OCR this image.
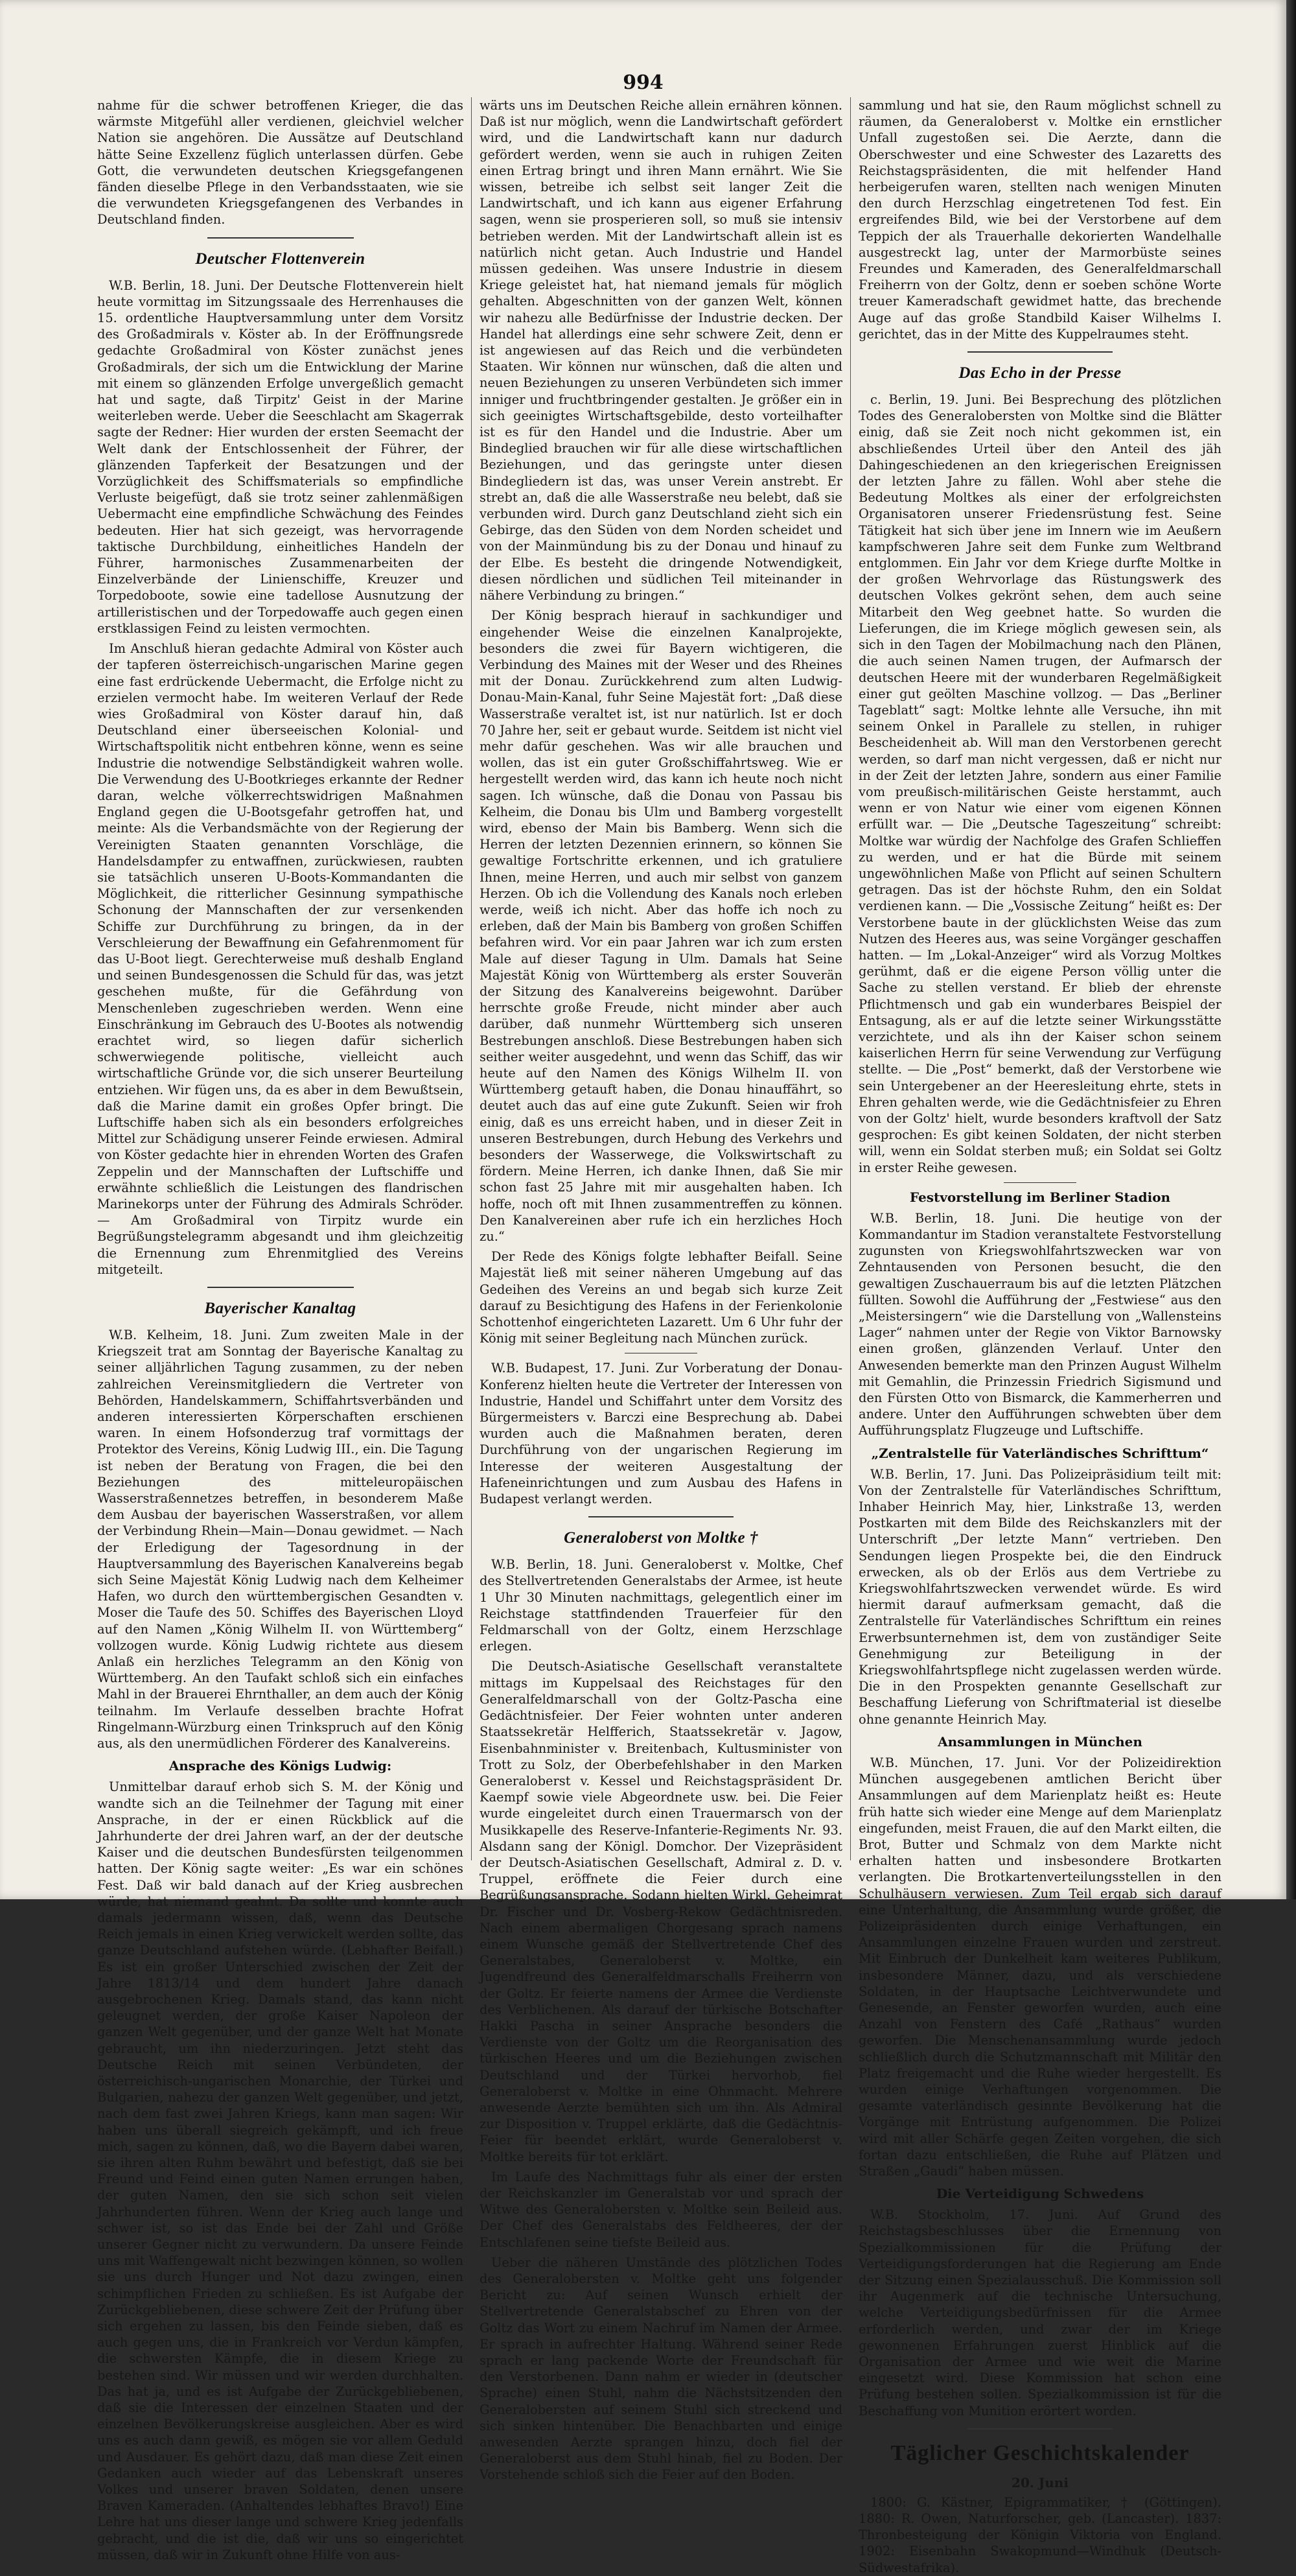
994

nahme für die schwer betroffenen Krieger, die das wärmste Mitgefühl aller verdienen, gleichviel welcher Nation sie angehören. Die Aussätze auf Deutschland hätte Seine Exzellenz füglich unterlassen dürfen. Gebe Gott, die verwundeten deutschen Kriegsgefangenen fänden dieselbe Pflege in den Verbandsstaaten, wie sie die verwundeten Kriegsgefangenen des Verbandes in Deutschland finden.

Deutscher Flottenverein

W.B. Berlin, 18. Juni. Der Deutsche Flottenverein hielt heute vormittag im Sitzungssaale des Herrenhauses die 15. ordentliche Hauptversammlung unter dem Vorsitz des Großadmirals v. Köster ab. In der Eröffnungsrede gedachte Großadmiral von Köster zunächst jenes Großadmirals, der sich um die Entwicklung der Marine mit einem so glänzenden Erfolge unvergeßlich gemacht hat und sagte, daß Tirpitz' Geist in der Marine weiterleben werde. Ueber die Seeschlacht am Skagerrak sagte der Redner: Hier wurden der ersten Seemacht der Welt dank der Entschlossenheit der Führer, der glänzenden Tapferkeit der Besatzungen und der Vorzüglichkeit des Schiffsmaterials so empfindliche Verluste beigefügt, daß sie trotz seiner zahlenmäßigen Uebermacht eine empfindliche Schwächung des Feindes bedeuten. Hier hat sich gezeigt, was hervorragende taktische Durchbildung, einheitliches Handeln der Führer, harmonisches Zusammenarbeiten der Einzelverbände der Linienschiffe, Kreuzer und Torpedoboote, sowie eine tadellose Ausnutzung der artilleristischen und der Torpedowaffe auch gegen einen erstklassigen Feind zu leisten vermochten.

Im Anschluß hieran gedachte Admiral von Köster auch der tapferen österreichisch-ungarischen Marine gegen eine fast erdrückende Uebermacht, die Erfolge nicht zu erzielen vermocht habe. Im weiteren Verlauf der Rede wies Großadmiral von Köster darauf hin, daß Deutschland einer überseeischen Kolonial- und Wirtschaftspolitik nicht entbehren könne, wenn es seine Industrie die notwendige Selbständigkeit wahren wolle. Die Verwendung des U-Bootkrieges erkannte der Redner daran, welche völkerrechtswidrigen Maßnahmen England gegen die U-Bootsgefahr getroffen hat, und meinte: Als die Verbandsmächte von der Regierung der Vereinigten Staaten genannten Vorschläge, die Handelsdampfer zu entwaffnen, zurückwiesen, raubten sie tatsächlich unseren U-Boots-Kommandanten die Möglichkeit, die ritterlicher Gesinnung sympathische Schonung der Mannschaften der zur versenkenden Schiffe zur Durchführung zu bringen, da in der Verschleierung der Bewaffnung ein Gefahrenmoment für das U-Boot liegt. Gerechterweise muß deshalb England und seinen Bundesgenossen die Schuld für das, was jetzt geschehen mußte, für die Gefährdung von Menschenleben zugeschrieben werden. Wenn eine Einschränkung im Gebrauch des U-Bootes als notwendig erachtet wird, so liegen dafür sicherlich schwerwiegende politische, vielleicht auch wirtschaftliche Gründe vor, die sich unserer Beurteilung entziehen. Wir fügen uns, da es aber in dem Bewußtsein, daß die Marine damit ein großes Opfer bringt. Die Luftschiffe haben sich als ein besonders erfolgreiches Mittel zur Schädigung unserer Feinde erwiesen. Admiral von Köster gedachte hier in ehrenden Worten des Grafen Zeppelin und der Mannschaften der Luftschiffe und erwähnte schließlich die Leistungen des flandrischen Marinekorps unter der Führung des Admirals Schröder. — Am Großadmiral von Tirpitz wurde ein Begrüßungstelegramm abgesandt und ihm gleichzeitig die Ernennung zum Ehrenmitglied des Vereins mitgeteilt.

Bayerischer Kanaltag

W.B. Kelheim, 18. Juni. Zum zweiten Male in der Kriegszeit trat am Sonntag der Bayerische Kanaltag zu seiner alljährlichen Tagung zusammen, zu der neben zahlreichen Vereinsmitgliedern die Vertreter von Behörden, Handelskammern, Schiffahrtsverbänden und anderen interessierten Körperschaften erschienen waren. In einem Hofsonderzug traf vormittags der Protektor des Vereins, König Ludwig III., ein. Die Tagung ist neben der Beratung von Fragen, die bei den Beziehungen des mitteleuropäischen Wasserstraßennetzes betreffen, in besonderem Maße dem Ausbau der bayerischen Wasserstraßen, vor allem der Verbindung Rhein—Main—Donau gewidmet. — Nach der Erledigung der Tagesordnung in der Hauptversammlung des Bayerischen Kanalvereins begab sich Seine Majestät König Ludwig nach dem Kelheimer Hafen, wo durch den württembergischen Gesandten v. Moser die Taufe des 50. Schiffes des Bayerischen Lloyd auf den Namen „König Wilhelm II. von Württemberg“ vollzogen wurde. König Ludwig richtete aus diesem Anlaß ein herzliches Telegramm an den König von Württemberg. An den Taufakt schloß sich ein einfaches Mahl in der Brauerei Ehrnthaller, an dem auch der König teilnahm. Im Verlaufe desselben brachte Hofrat Ringelmann-Würzburg einen Trinkspruch auf den König aus, als den unermüdlichen Förderer des Kanalvereins.

Ansprache des Königs Ludwig:

Unmittelbar darauf erhob sich S. M. der König und wandte sich an die Teilnehmer der Tagung mit einer Ansprache, in der er einen Rückblick auf die Jahrhunderte der drei Jahren warf, an der der deutsche Kaiser und die deutschen Bundesfürsten teilgenommen hatten. Der König sagte weiter: „Es war ein schönes Fest. Daß wir bald danach auf der Krieg ausbrechen würde, hat niemand geahnt. Da sollte und konnte auch damals jedermann wissen, daß, wenn das Deutsche Reich jemals in einen Krieg verwickelt werden sollte, das ganze Deutschland aufstehen würde. (Lebhafter Beifall.) Es ist ein großer Unterschied zwischen der Zeit der Jahre 1813/14 und dem hundert Jahre danach ausgebrochenen Krieg. Damals stand, das kann nicht geleugnet werden, der große Kaiser Napoleon der ganzen Welt gegenüber, und der ganze Welt hat Monate gebraucht, um ihn niederzuringen. Jetzt steht das Deutsche Reich mit seinen Verbündeten, der österreichisch-ungarischen Monarchie, der Türkei und Bulgarien, nahezu der ganzen Welt gegenüber, und jetzt, nach dem fast zwei Jahren Kriegs, kann man sagen: Wir haben uns überall siegreich gekämpft, und ich freue mich, sagen zu können, daß, wo die Bayern dabei waren, sie ihren alten Ruhm bewährt und befestigt, daß sie bei Freund und Feind einen guten Namen errungen haben, der guten Namen, den sie sich schon seit vielen Jahrhunderten führen. Wenn der Krieg auch lange und schwer ist, so ist das Ende bei der Zahl und Größe unserer Gegner nicht zu verwundern. Da unsere Feinde uns mit Waffengewalt nicht bezwingen können, so wollen sie uns durch Hunger und Not dazu zwingen, einen schimpflichen Frieden zu schließen. Es ist Aufgabe der Zurückgebliebenen, diese schwere Zeit der Prüfung über sich ergehen zu lassen, bis den Feinde sieben, daß es auch gegen uns, die in Frankreich vor Verdun kämpfen, die schwersten Kämpfe, die in diesem Kriege zu bestehen sind. Wir müssen und wir werden durchhalten. Das hat ja, und es ist Aufgabe der Zurückgebliebenen, daß sie die Interessen der einzelnen Staaten und der einzelnen Bevölkerungskreise ausgleichen. Aber es wird uns es auch dann gewiß, es mögen sie vor allem Geduld und Ausdauer. Es gehört dazu, daß man diese Zeit einen Gedanken auch wieder auf das Lebenskraft unseres Volkes und unserer braven Soldaten, denen unsere Braven Kameraden. (Anhaltendes lebhaftes Bravo!) Eine Lehre hat uns dieser lange und schwere Krieg jedenfalls gebracht, und die ist die, daß wir uns so eingerichtet müssen, daß wir in Zukunft ohne Hilfe von aus-

wärts uns im Deutschen Reiche allein ernähren können. Daß ist nur möglich, wenn die Landwirtschaft gefördert wird, und die Landwirtschaft kann nur dadurch gefördert werden, wenn sie auch in ruhigen Zeiten einen Ertrag bringt und ihren Mann ernährt. Wie Sie wissen, betreibe ich selbst seit langer Zeit die Landwirtschaft, und ich kann aus eigener Erfahrung sagen, wenn sie prosperieren soll, so muß sie intensiv betrieben werden. Mit der Landwirtschaft allein ist es natürlich nicht getan. Auch Industrie und Handel müssen gedeihen. Was unsere Industrie in diesem Kriege geleistet hat, hat niemand jemals für möglich gehalten. Abgeschnitten von der ganzen Welt, können wir nahezu alle Bedürfnisse der Industrie decken. Der Handel hat allerdings eine sehr schwere Zeit, denn er ist angewiesen auf das Reich und die verbündeten Staaten. Wir können nur wünschen, daß die alten und neuen Beziehungen zu unseren Verbündeten sich immer inniger und fruchtbringender gestalten. Je größer ein in sich geeinigtes Wirtschaftsgebilde, desto vorteilhafter ist es für den Handel und die Industrie. Aber um Bindeglied brauchen wir für alle diese wirtschaftlichen Beziehungen, und das geringste unter diesen Bindegliedern ist das, was unser Verein anstrebt. Er strebt an, daß die alle Wasserstraße neu belebt, daß sie verbunden wird. Durch ganz Deutschland zieht sich ein Gebirge, das den Süden von dem Norden scheidet und von der Mainmündung bis zu der Donau und hinauf zu der Elbe. Es besteht die dringende Notwendigkeit, diesen nördlichen und südlichen Teil miteinander in nähere Verbindung zu bringen.“

Der König besprach hierauf in sachkundiger und eingehender Weise die einzelnen Kanalprojekte, besonders die zwei für Bayern wichtigeren, die Verbindung des Maines mit der Weser und des Rheines mit der Donau. Zurückkehrend zum alten Ludwig-Donau-Main-Kanal, fuhr Seine Majestät fort: „Daß diese Wasserstraße veraltet ist, ist nur natürlich. Ist er doch 70 Jahre her, seit er gebaut wurde. Seitdem ist nicht viel mehr dafür geschehen. Was wir alle brauchen und wollen, das ist ein guter Großschiffahrtsweg. Wie er hergestellt werden wird, das kann ich heute noch nicht sagen. Ich wünsche, daß die Donau von Passau bis Kelheim, die Donau bis Ulm und Bamberg vorgestellt wird, ebenso der Main bis Bamberg. Wenn sich die Herren der letzten Dezennien erinnern, so können Sie gewaltige Fortschritte erkennen, und ich gratuliere Ihnen, meine Herren, und auch mir selbst von ganzem Herzen. Ob ich die Vollendung des Kanals noch erleben werde, weiß ich nicht. Aber das hoffe ich noch zu erleben, daß der Main bis Bamberg von großen Schiffen befahren wird. Vor ein paar Jahren war ich zum ersten Male auf dieser Tagung in Ulm. Damals hat Seine Majestät König von Württemberg als erster Souverän der Sitzung des Kanalvereins beigewohnt. Darüber herrschte große Freude, nicht minder aber auch darüber, daß nunmehr Württemberg sich unseren Bestrebungen anschloß. Diese Bestrebungen haben sich seither weiter ausgedehnt, und wenn das Schiff, das wir heute auf den Namen des Königs Wilhelm II. von Württemberg getauft haben, die Donau hinauffährt, so deutet auch das auf eine gute Zukunft. Seien wir froh einig, daß es uns erreicht haben, und in dieser Zeit in unseren Bestrebungen, durch Hebung des Verkehrs und besonders der Wasserwege, die Volkswirtschaft zu fördern. Meine Herren, ich danke Ihnen, daß Sie mir schon fast 25 Jahre mit mir ausgehalten haben. Ich hoffe, noch oft mit Ihnen zusammentreffen zu können. Den Kanalvereinen aber rufe ich ein herzliches Hoch zu.“

Der Rede des Königs folgte lebhafter Beifall. Seine Majestät ließ mit seiner näheren Umgebung auf das Gedeihen des Vereins an und begab sich kurze Zeit darauf zu Besichtigung des Hafens in der Ferienkolonie Schottenhof eingerichteten Lazarett. Um 6 Uhr fuhr der König mit seiner Begleitung nach München zurück.

W.B. Budapest, 17. Juni. Zur Vorberatung der Donau-Konferenz hielten heute die Vertreter der Interessen von Industrie, Handel und Schiffahrt unter dem Vorsitz des Bürgermeisters v. Barczi eine Besprechung ab. Dabei wurden auch die Maßnahmen beraten, deren Durchführung von der ungarischen Regierung im Interesse der weiteren Ausgestaltung der Hafeneinrichtungen und zum Ausbau des Hafens in Budapest verlangt werden.

Generaloberst von Moltke †

W.B. Berlin, 18. Juni. Generaloberst v. Moltke, Chef des Stellvertretenden Generalstabs der Armee, ist heute 1 Uhr 30 Minuten nachmittags, gelegentlich einer im Reichstage stattfindenden Trauerfeier für den Feldmarschall von der Goltz, einem Herzschlage erlegen.

Die Deutsch-Asiatische Gesellschaft veranstaltete mittags im Kuppelsaal des Reichstages für den Generalfeldmarschall von der Goltz-Pascha eine Gedächtnisfeier. Der Feier wohnten unter anderen Staatssekretär Helfferich, Staatssekretär v. Jagow, Eisenbahnminister v. Breitenbach, Kultusminister von Trott zu Solz, der Oberbefehlshaber in den Marken Generaloberst v. Kessel und Reichstagspräsident Dr. Kaempf sowie viele Abgeordnete usw. bei. Die Feier wurde eingeleitet durch einen Trauermarsch von der Musikkapelle des Reserve-Infanterie-Regiments Nr. 93. Alsdann sang der Königl. Domchor. Der Vizepräsident der Deutsch-Asiatischen Gesellschaft, Admiral z. D. v. Truppel, eröffnete die Feier durch eine Begrüßungsansprache. Sodann hielten Wirkl. Geheimrat Dr. Fischer und Dr. Vosberg-Rekow Gedächtnisreden. Nach einem abermaligen Chorgesang sprach namens einem Wunsche gemäß der Stellvertretende Chef des Generalstabes, Generaloberst v. Moltke, ein Jugendfreund des Generalfeldmarschalls Freiherrn von der Goltz. Er feierte namens der Armee die Verdienste des Verblichenen. Als darauf der türkische Botschafter Hakki Pascha in seiner Ansprache besonders die Verdienste von der Goltz um die Reorganisation des türkischen Heeres und um die Beziehungen zwischen Deutschland und der Türkei hervorhob, fiel Generaloberst v. Moltke in eine Ohnmacht. Mehrere anwesende Aerzte bemühten sich um ihn. Als Admiral zur Disposition v. Truppel erklärte, daß die Gedächtnis-Feier für beendet erklärt, wurde Generaloberst v. Moltke bereits für tot erklärt.

Im Laufe des Nachmittags fuhr als einer der ersten der Reichskanzler im Generalstab vor und sprach der Witwe des Generalobersten v. Moltke sein Beileid aus. Der Chef des Generalstabs des Feldheeres, der der Entschlafenen seine tiefste Beileid aus.

Ueber die näheren Umstände des plötzlichen Todes des Generalobersten v. Moltke geht uns folgender Bericht zu: Auf seinen Wunsch erhielt der Stellvertretende Generalstabschef zu Ehren von der Goltz das Wort zu einem Nachruf im Namen der Armee. Er sprach in aufrechter Haltung. Während seiner Rede sprach er lang packende Worte der Freundschaft für den Verstorbenen. Dann nahm er wieder in (deutscher Sprache) einen Stuhl, nahm die Nächstsitzenden den Generalobersten auf seinem Stuhl sich streckend und sich sinken hintenüber. Die Benachbarten und einige anwesenden Aerzte sprangen hinzu, doch fiel der Generaloberst aus dem Stuhl hinab, fiel zu Boden. Der Vorstehende schloß sich die Feier auf den Boden.

sammlung und hat sie, den Raum möglichst schnell zu räumen, da Generaloberst v. Moltke ein ernstlicher Unfall zugestoßen sei. Die Aerzte, dann die Oberschwester und eine Schwester des Lazaretts des Reichstagspräsidenten, die mit helfender Hand herbeigerufen waren, stellten nach wenigen Minuten den durch Herzschlag eingetretenen Tod fest. Ein ergreifendes Bild, wie bei der Verstorbene auf dem Teppich der als Trauerhalle dekorierten Wandelhalle ausgestreckt lag, unter der Marmorbüste seines Freundes und Kameraden, des Generalfeldmarschall Freiherrn von der Goltz, denn er soeben schöne Worte treuer Kameradschaft gewidmet hatte, das brechende Auge auf das große Standbild Kaiser Wilhelms I. gerichtet, das in der Mitte des Kuppelraumes steht.

Das Echo in der Presse

c. Berlin, 19. Juni. Bei Besprechung des plötzlichen Todes des Generalobersten von Moltke sind die Blätter einig, daß sie Zeit noch nicht gekommen ist, ein abschließendes Urteil über den Anteil des jäh Dahingeschiedenen an den kriegerischen Ereignissen der letzten Jahre zu fällen. Wohl aber stehe die Bedeutung Moltkes als einer der erfolgreichsten Organisatoren unserer Friedensrüstung fest. Seine Tätigkeit hat sich über jene im Innern wie im Aeußern kampfschweren Jahre seit dem Funke zum Weltbrand entglommen. Ein Jahr vor dem Kriege durfte Moltke in der großen Wehrvorlage das Rüstungswerk des deutschen Volkes gekrönt sehen, dem auch seine Mitarbeit den Weg geebnet hatte. So wurden die Lieferungen, die im Kriege möglich gewesen sein, als sich in den Tagen der Mobilmachung nach den Plänen, die auch seinen Namen trugen, der Aufmarsch der deutschen Heere mit der wunderbaren Regelmäßigkeit einer gut geölten Maschine vollzog. — Das „Berliner Tageblatt“ sagt: Moltke lehnte alle Versuche, ihn mit seinem Onkel in Parallele zu stellen, in ruhiger Bescheidenheit ab. Will man den Verstorbenen gerecht werden, so darf man nicht vergessen, daß er nicht nur in der Zeit der letzten Jahre, sondern aus einer Familie vom preußisch-militärischen Geiste herstammt, auch wenn er von Natur wie einer vom eigenen Können erfüllt war. — Die „Deutsche Tageszeitung“ schreibt: Moltke war würdig der Nachfolge des Grafen Schlieffen zu werden, und er hat die Bürde mit seinem ungewöhnlichen Maße von Pflicht auf seinen Schultern getragen. Das ist der höchste Ruhm, den ein Soldat verdienen kann. — Die „Vossische Zeitung“ heißt es: Der Verstorbene baute in der glücklichsten Weise das zum Nutzen des Heeres aus, was seine Vorgänger geschaffen hatten. — Im „Lokal-Anzeiger“ wird als Vorzug Moltkes gerühmt, daß er die eigene Person völlig unter die Sache zu stellen verstand. Er blieb der ehrenste Pflichtmensch und gab ein wunderbares Beispiel der Entsagung, als er auf die letzte seiner Wirkungsstätte verzichtete, und als ihn der Kaiser schon seinem kaiserlichen Herrn für seine Verwendung zur Verfügung stellte. — Die „Post“ bemerkt, daß der Verstorbene wie sein Untergebener an der Heeresleitung ehrte, stets in Ehren gehalten werde, wie die Gedächtnisfeier zu Ehren von der Goltz' hielt, wurde besonders kraftvoll der Satz gesprochen: Es gibt keinen Soldaten, der nicht sterben will, wenn ein Soldat sterben muß; ein Soldat sei Goltz in erster Reihe gewesen.

Festvorstellung im Berliner Stadion

W.B. Berlin, 18. Juni. Die heutige von der Kommandantur im Stadion veranstaltete Festvorstellung zugunsten von Kriegswohlfahrtszwecken war von Zehntausenden von Personen besucht, die den gewaltigen Zuschauerraum bis auf die letzten Plätzchen füllten. Sowohl die Aufführung der „Festwiese“ aus den „Meistersingern“ wie die Darstellung von „Wallensteins Lager“ nahmen unter der Regie von Viktor Barnowsky einen großen, glänzenden Verlauf. Unter den Anwesenden bemerkte man den Prinzen August Wilhelm mit Gemahlin, die Prinzessin Friedrich Sigismund und den Fürsten Otto von Bismarck, die Kammerherren und andere. Unter den Aufführungen schwebten über dem Aufführungsplatz Flugzeuge und Luftschiffe.

„Zentralstelle für Vaterländisches Schrifttum“

W.B. Berlin, 17. Juni. Das Polizeipräsidium teilt mit: Von der Zentralstelle für Vaterländisches Schrifttum, Inhaber Heinrich May, hier, Linkstraße 13, werden Postkarten mit dem Bilde des Reichskanzlers mit der Unterschrift „Der letzte Mann“ vertrieben. Den Sendungen liegen Prospekte bei, die den Eindruck erwecken, als ob der Erlös aus dem Vertriebe zu Kriegswohlfahrtszwecken verwendet würde. Es wird hiermit darauf aufmerksam gemacht, daß die Zentralstelle für Vaterländisches Schrifttum ein reines Erwerbsunternehmen ist, dem von zuständiger Seite Genehmigung zur Beteiligung in der Kriegswohlfahrtspflege nicht zugelassen werden würde. Die in den Prospekten genannte Gesellschaft zur Beschaffung Lieferung von Schriftmaterial ist dieselbe ohne genannte Heinrich May.

Ansammlungen in München

W.B. München, 17. Juni. Vor der Polizeidirektion München ausgegebenen amtlichen Bericht über Ansammlungen auf dem Marienplatz heißt es: Heute früh hatte sich wieder eine Menge auf dem Marienplatz eingefunden, meist Frauen, die auf den Markt eilten, die Brot, Butter und Schmalz von dem Markte nicht erhalten hatten und insbesondere Brotkarten verlangten. Die Brotkartenverteilungsstellen in den Schulhäusern verwiesen. Zum Teil ergab sich darauf eine Unterhaltung, die Ansammlung wurde größer, die Polizeipräsidenten durch einige Verhaftungen, ein Ansammlungen einzelne Frauen wurden und zerstreut. Mit Einbruch der Dunkelheit kam weiteres Publikum, insbesondere Männer, dazu, und als verschiedene Soldaten, in der Hauptsache Leichtverwundete und Genesende, an Fenster geworfen wurden, auch eine Anzahl von Fenstern des Café „Rathaus“ wurden geworfen. Die Menschenansammlung wurde jedoch schließlich durch die Schutzmannschaft mit Militär den Platz freigemacht und die Ruhe wieder hergestellt. Es wurden einige Verhaftungen vorgenommen. Die gesamte vaterländisch gesinnte Bevölkerung hat die Vorgänge mit Entrüstung aufgenommen. Die Polizei wird mit aller Schärfe gegen Zeiten vorgehen, die sich fortan dazu entschließen, die Ruhe auf Plätzen und Straßen „Gaudi“ haben müssen.

Die Verteidigung Schwedens

W.B. Stockholm, 17. Juni. Auf Grund des Reichstagsbeschlusses über die Ernennung von Spezialkommissionen für die Prüfung der Verteidigungsforderungen hat die Regierung am Ende der Sitzung einen Spezialausschuß. Die Kommission soll ihr Augenmerk auf die technische Untersuchung, welche Verteidigungsbedürfnissen für die Armee erforderlich werden, und zwar der im Kriege gewonnenen Erfahrungen zuerst Hinblick auf die Organisation der Armee und wie weit die Marine eingesetzt wird. Diese Kommission hat schon eine Prüfung bestehen sollen. Spezialkommission ist für die Beschaffung von Munition erörtert worden.

Täglicher Geschichtskalender
20. Juni

1800: G. Kästner, Epigrammatiker, † (Göttingen). 1880: R. Owen, Naturforscher, geb. (Lancaster). 1837: Thronbesteigung der Königin Viktoria von England. 1902: Eisenbahn Swakopmund—Windhuk (Deutsch-Südwestafrika).
